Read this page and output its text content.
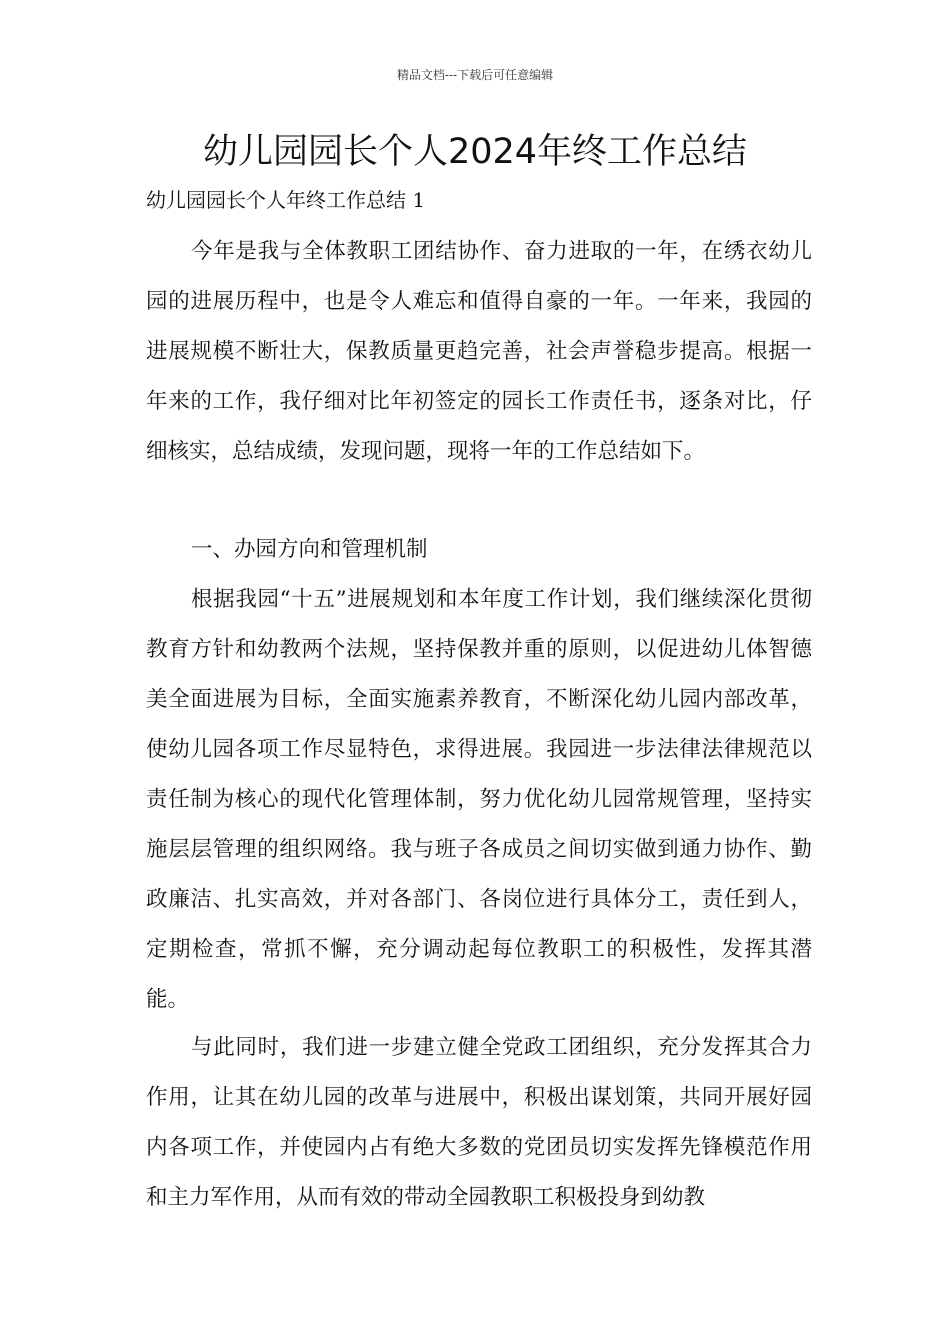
精品文档---下载后可任意编辑
幼儿园园长个人2024年终工作总结
幼儿园园长个人年终工作总结 1

今年是我与全体教职工团结协作、奋力进取的一年，在绣衣幼儿园的进展历程中，也是令人难忘和值得自豪的一年。一年来，我园的进展规模不断壮大，保教质量更趋完善，社会声誉稳步提高。根据一年来的工作，我仔细对比年初签定的园长工作责任书，逐条对比，仔细核实，总结成绩，发现问题，现将一年的工作总结如下。

一、办园方向和管理机制

根据我园“十五”进展规划和本年度工作计划，我们继续深化贯彻教育方针和幼教两个法规，坚持保教并重的原则，以促进幼儿体智德美全面进展为目标，全面实施素养教育，不断深化幼儿园内部改革，使幼儿园各项工作尽显特色，求得进展。我园进一步法律法律规范以责任制为核心的现代化管理体制，努力优化幼儿园常规管理，坚持实施层层管理的组织网络。我与班子各成员之间切实做到通力协作、勤政廉洁、扎实高效，并对各部门、各岗位进行具体分工，责任到人，定期检查，常抓不懈，充分调动起每位教职工的积极性，发挥其潜能。

与此同时，我们进一步建立健全党政工团组织，充分发挥其合力作用，让其在幼儿园的改革与进展中，积极出谋划策，共同开展好园内各项工作，并使园内占有绝大多数的党团员切实发挥先锋模范作用和主力军作用，从而有效的带动全园教职工积极投身到幼教
